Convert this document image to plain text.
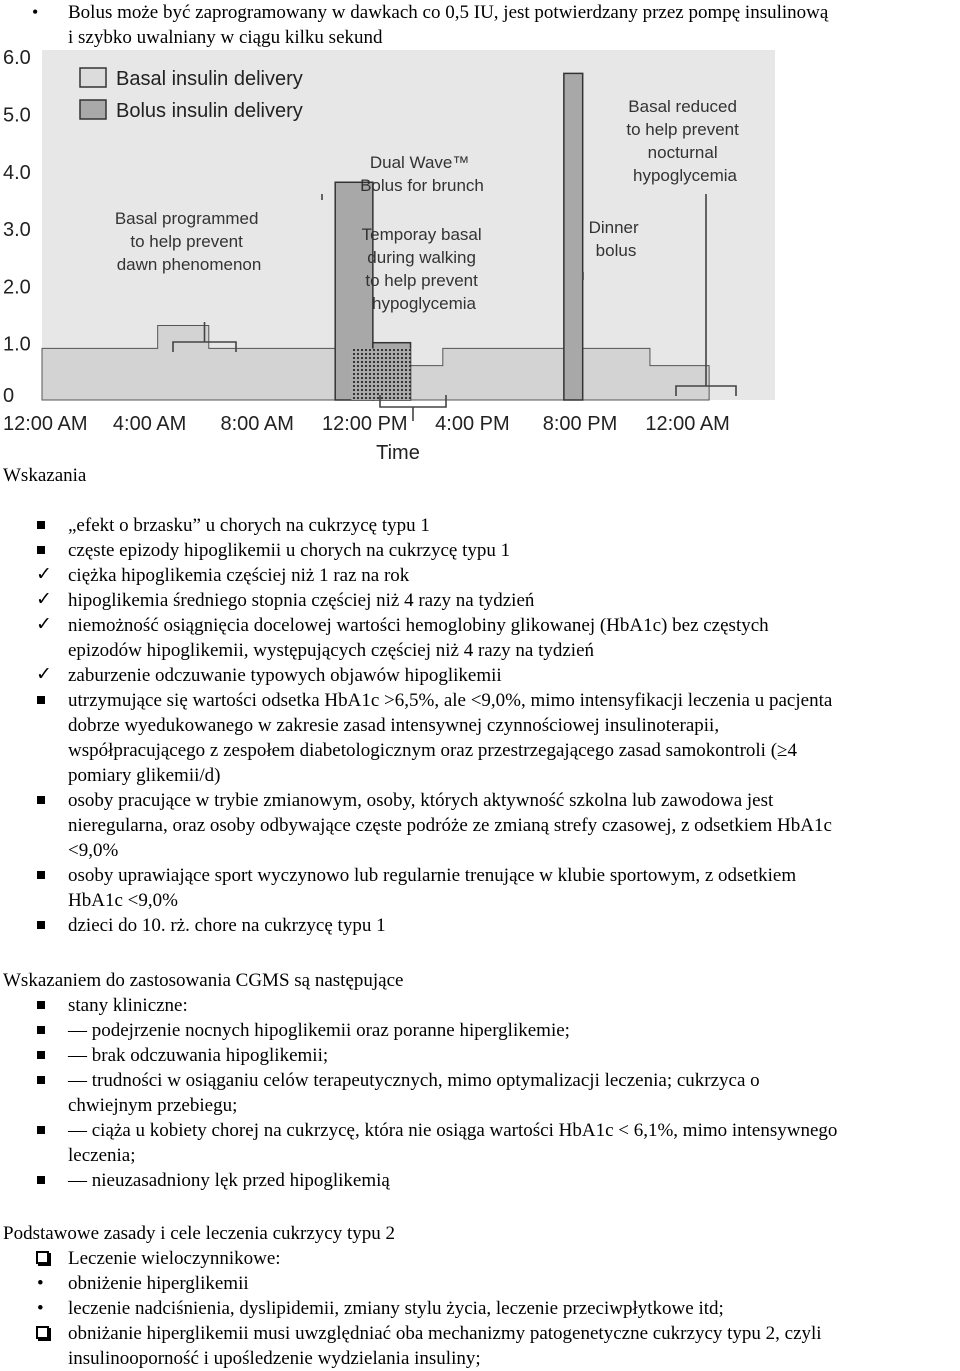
•
Bolus może być zaprogramowany w dawkach co 0,5 IU, jest potwierdzany przez pompę insulinową
i szybko uwalniany w ciągu kilku sekund
0
1.0
2.0
3.0
4.0
5.0
6.0
12:00 AM 4:00 AM 8:00 AM 12:00 PM 4:00 PM 8:00 PM 12:00 AM
Basal insulin delivery
Bolus insulin delivery
Basal programmed to help prevent dawn phenomenon
Dual Wave™ Bolus for brunch
Temporay basal during walking to help prevent hypoglycemia
Dinner bolus
Basal reduced to help prevent nocturnal hypoglycemia
Time
Wskazania
„efekt o brzasku” u chorych na cukrzycę typu 1
częste epizody hipoglikemii u chorych na cukrzycę typu 1
ciężka hipoglikemia częściej niż 1 raz na rok
hipoglikemia średniego stopnia częściej niż 4 razy na tydzień
niemożność osiągnięcia docelowej wartości hemoglobiny glikowanej (HbA1c) bez częstych
epizodów hipoglikemii, występujących częściej niż 4 razy na tydzień
zaburzenie odczuwanie typowych objawów hipoglikemii
utrzymujące się wartości odsetka HbA1c >6,5%, ale <9,0%, mimo intensyfikacji leczenia u pacjenta
dobrze wyedukowanego w zakresie zasad intensywnej czynnościowej insulinoterapii,
współpracującego z zespołem diabetologicznym oraz przestrzegającego zasad samokontroli (≥4
pomiary glikemii/d)
osoby pracujące w trybie zmianowym, osoby, których aktywność szkolna lub zawodowa jest
nieregularna, oraz osoby odbywające częste podróże ze zmianą strefy czasowej, z odsetkiem HbA1c
<9,0%
osoby uprawiające sport wyczynowo lub regularnie trenujące w klubie sportowym, z odsetkiem
HbA1c <9,0%
dzieci do 10. rż. chore na cukrzycę typu 1
Wskazaniem do zastosowania CGMS są następujące
stany kliniczne:
— podejrzenie nocnych hipoglikemii oraz poranne hiperglikemie;
— brak odczuwania hipoglikemii;
— trudności w osiąganiu celów terapeutycznych, mimo optymalizacji leczenia; cukrzyca o
chwiejnym przebiegu;
— ciąża u kobiety chorej na cukrzycę, która nie osiąga wartości HbA1c < 6,1%, mimo intensywnego
leczenia;
— nieuzasadniony lęk przed hipoglikemią
Podstawowe zasady i cele leczenia cukrzycy typu 2
Leczenie wieloczynnikowe:
obniżenie hiperglikemii
leczenie nadciśnienia, dyslipidemii, zmiany stylu życia, leczenie przeciwpłytkowe itd;
obniżanie hiperglikemii musi uwzględniać oba mechanizmy patogenetyczne cukrzycy typu 2, czyli
insulinooporność i upośledzenie wydzielania insuliny;
